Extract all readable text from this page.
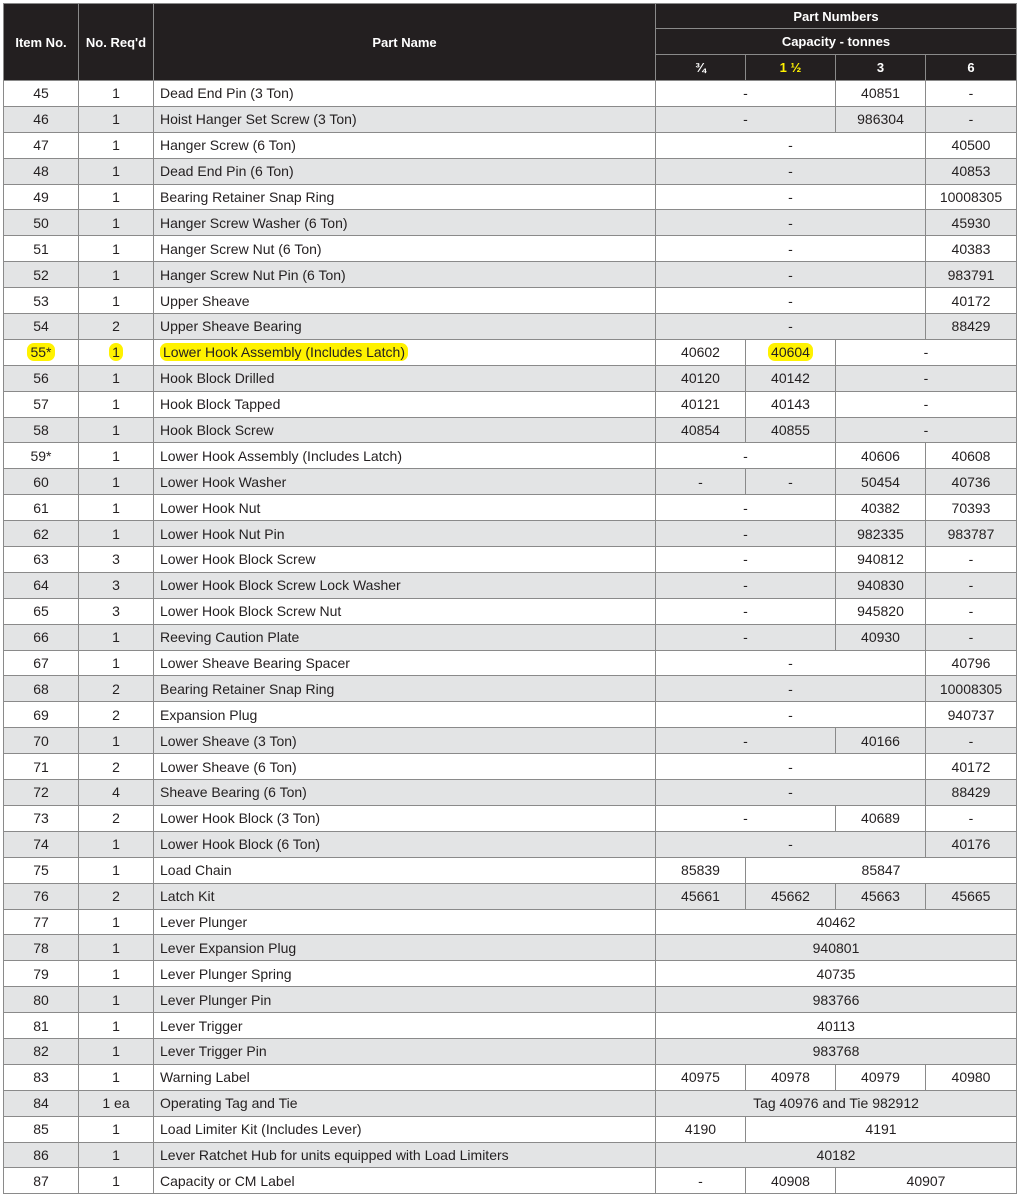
Item No.	No. Req'd	Part Name	Part Numbers			
			Capacity - tonnes			
			¾	1 ½	3	6
45	1	Dead End Pin (3 Ton)	-		40851	-
46	1	Hoist Hanger Set Screw (3 Ton)	-		986304	-
47	1	Hanger Screw (6 Ton)	-			40500
48	1	Dead End Pin (6 Ton)	-			40853
49	1	Bearing Retainer Snap Ring	-			10008305
50	1	Hanger Screw Washer (6 Ton)	-			45930
51	1	Hanger Screw Nut (6 Ton)	-			40383
52	1	Hanger Screw Nut Pin (6 Ton)	-			983791
53	1	Upper Sheave	-			40172
54	2	Upper Sheave Bearing	-			88429
55*	1	Lower Hook Assembly (Includes Latch)	40602	40604	-	
56	1	Hook Block Drilled	40120	40142	-	
57	1	Hook Block Tapped	40121	40143	-	
58	1	Hook Block Screw	40854	40855	-	
59*	1	Lower Hook Assembly (Includes Latch)	-		40606	40608
60	1	Lower Hook Washer	-	-	50454	40736
61	1	Lower Hook Nut	-		40382	70393
62	1	Lower Hook Nut Pin	-		982335	983787
63	3	Lower Hook Block Screw	-		940812	-
64	3	Lower Hook Block Screw Lock Washer	-		940830	-
65	3	Lower Hook Block Screw Nut	-		945820	-
66	1	Reeving Caution Plate	-		40930	-
67	1	Lower Sheave Bearing Spacer	-			40796
68	2	Bearing Retainer Snap Ring	-			10008305
69	2	Expansion Plug	-			940737
70	1	Lower Sheave (3 Ton)	-		40166	-
71	2	Lower Sheave (6 Ton)	-			40172
72	4	Sheave Bearing (6 Ton)	-			88429
73	2	Lower Hook Block (3 Ton)	-		40689	-
74	1	Lower Hook Block (6 Ton)	-			40176
75	1	Load Chain	85839	85847		
76	2	Latch Kit	45661	45662	45663	45665
77	1	Lever Plunger	40462			
78	1	Lever Expansion Plug	940801			
79	1	Lever Plunger Spring	40735			
80	1	Lever Plunger Pin	983766			
81	1	Lever Trigger	40113			
82	1	Lever Trigger Pin	983768			
83	1	Warning Label	40975	40978	40979	40980
84	1 ea	Operating Tag and Tie	Tag 40976 and Tie 982912			
85	1	Load Limiter Kit (Includes Lever)	4190	4191		
86	1	Lever Ratchet Hub for units equipped with Load Limiters	40182			
87	1	Capacity or CM Label	-	40908	40907	
